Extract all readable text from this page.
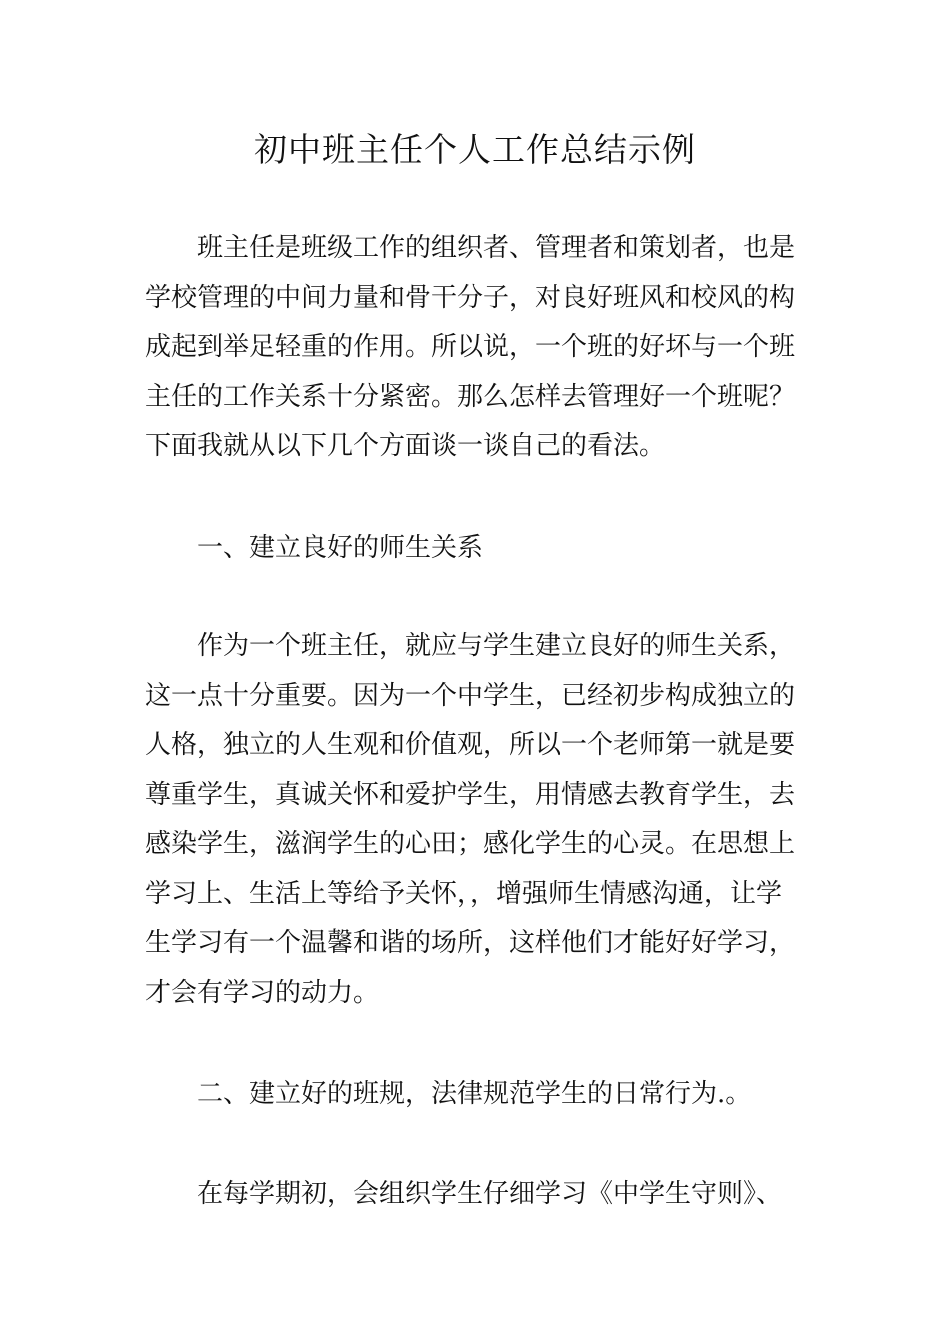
初中班主任个人工作总结示例
班主任是班级工作的组织者、管理者和策划者，也是
学校管理的中间力量和骨干分子，对良好班风和校风的构
成起到举足轻重的作用。所以说，一个班的好坏与一个班
主任的工作关系十分紧密。那么怎样去管理好一个班呢？
下面我就从以下几个方面谈一谈自己的看法。

一、建立良好的师生关系

作为一个班主任，就应与学生建立良好的师生关系，
这一点十分重要。因为一个中学生，已经初步构成独立的
人格，独立的人生观和价值观，所以一个老师第一就是要
尊重学生，真诚关怀和爱护学生，用情感去教育学生，去
感染学生，滋润学生的心田；感化学生的心灵。在思想上
学习上、生活上等给予关怀，，增强师生情感沟通，让学
生学习有一个温馨和谐的场所，这样他们才能好好学习，
才会有学习的动力。

二、建立好的班规，法律规范学生的日常行为.。

在每学期初，会组织学生仔细学习《中学生守则》、
